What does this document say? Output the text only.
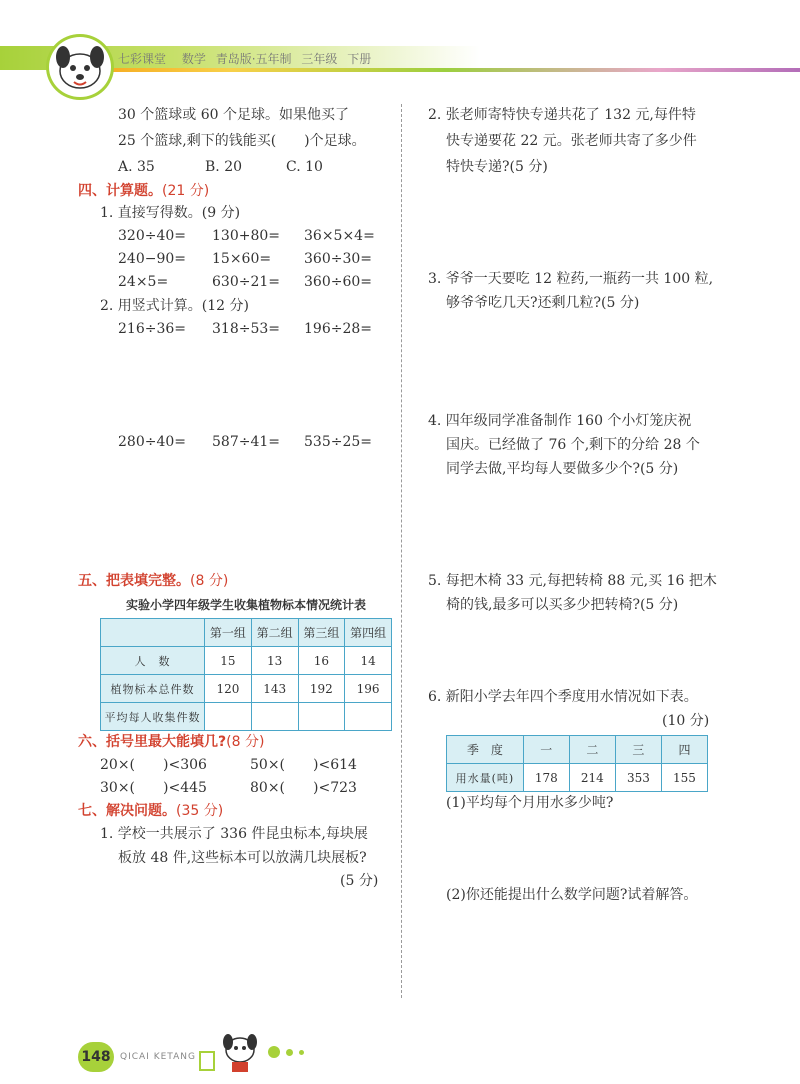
七彩课堂 数学 青岛版·五年制 三年级 下册
30 个篮球或 60 个足球。如果他买了
25 个篮球,剩下的钱能买(　　)个足球。
A. 35	B. 20	C. 10
四、计算题。(21 分)
1. 直接写得数。(9 分)
320÷40= 130+80= 36×5×4=
240−90= 15×60= 360÷30=
24×5=	630÷21= 360÷60=
2. 用竖式计算。(12 分)
216÷36= 318÷53= 196÷28=
280÷40= 587÷41= 535÷25=
五、把表填完整。(8 分)
实验小学四年级学生收集植物标本情况统计表
	第一组	第二组	第三组	第四组
人　数	15	13	16	14
植物标本总件数	120	143	192	196
平均每人收集件数				
六、括号里最大能填几?(8 分)
20×(　　)<306	50×(　　)<614
30×(　　)<445	80×(　　)<723
七、解决问题。(35 分)
1. 学校一共展示了 336 件昆虫标本,每块展
板放 48 件,这些标本可以放满几块展板?
(5 分)
2. 张老师寄特快专递共花了 132 元,每件特
快专递要花 22 元。张老师共寄了多少件
特快专递?(5 分)
3. 爷爷一天要吃 12 粒药,一瓶药一共 100 粒,
够爷爷吃几天?还剩几粒?(5 分)
4. 四年级同学准备制作 160 个小灯笼庆祝
国庆。已经做了 76 个,剩下的分给 28 个
同学去做,平均每人要做多少个?(5 分)
5. 每把木椅 33 元,每把转椅 88 元,买 16 把木
椅的钱,最多可以买多少把转椅?(5 分)
6. 新阳小学去年四个季度用水情况如下表。
(10 分)
季　度	一	二	三	四
用水量(吨)	178	214	353	155
(1)平均每个月用水多少吨?
(2)你还能提出什么数学问题?试着解答。
148	QICAI KETANG
